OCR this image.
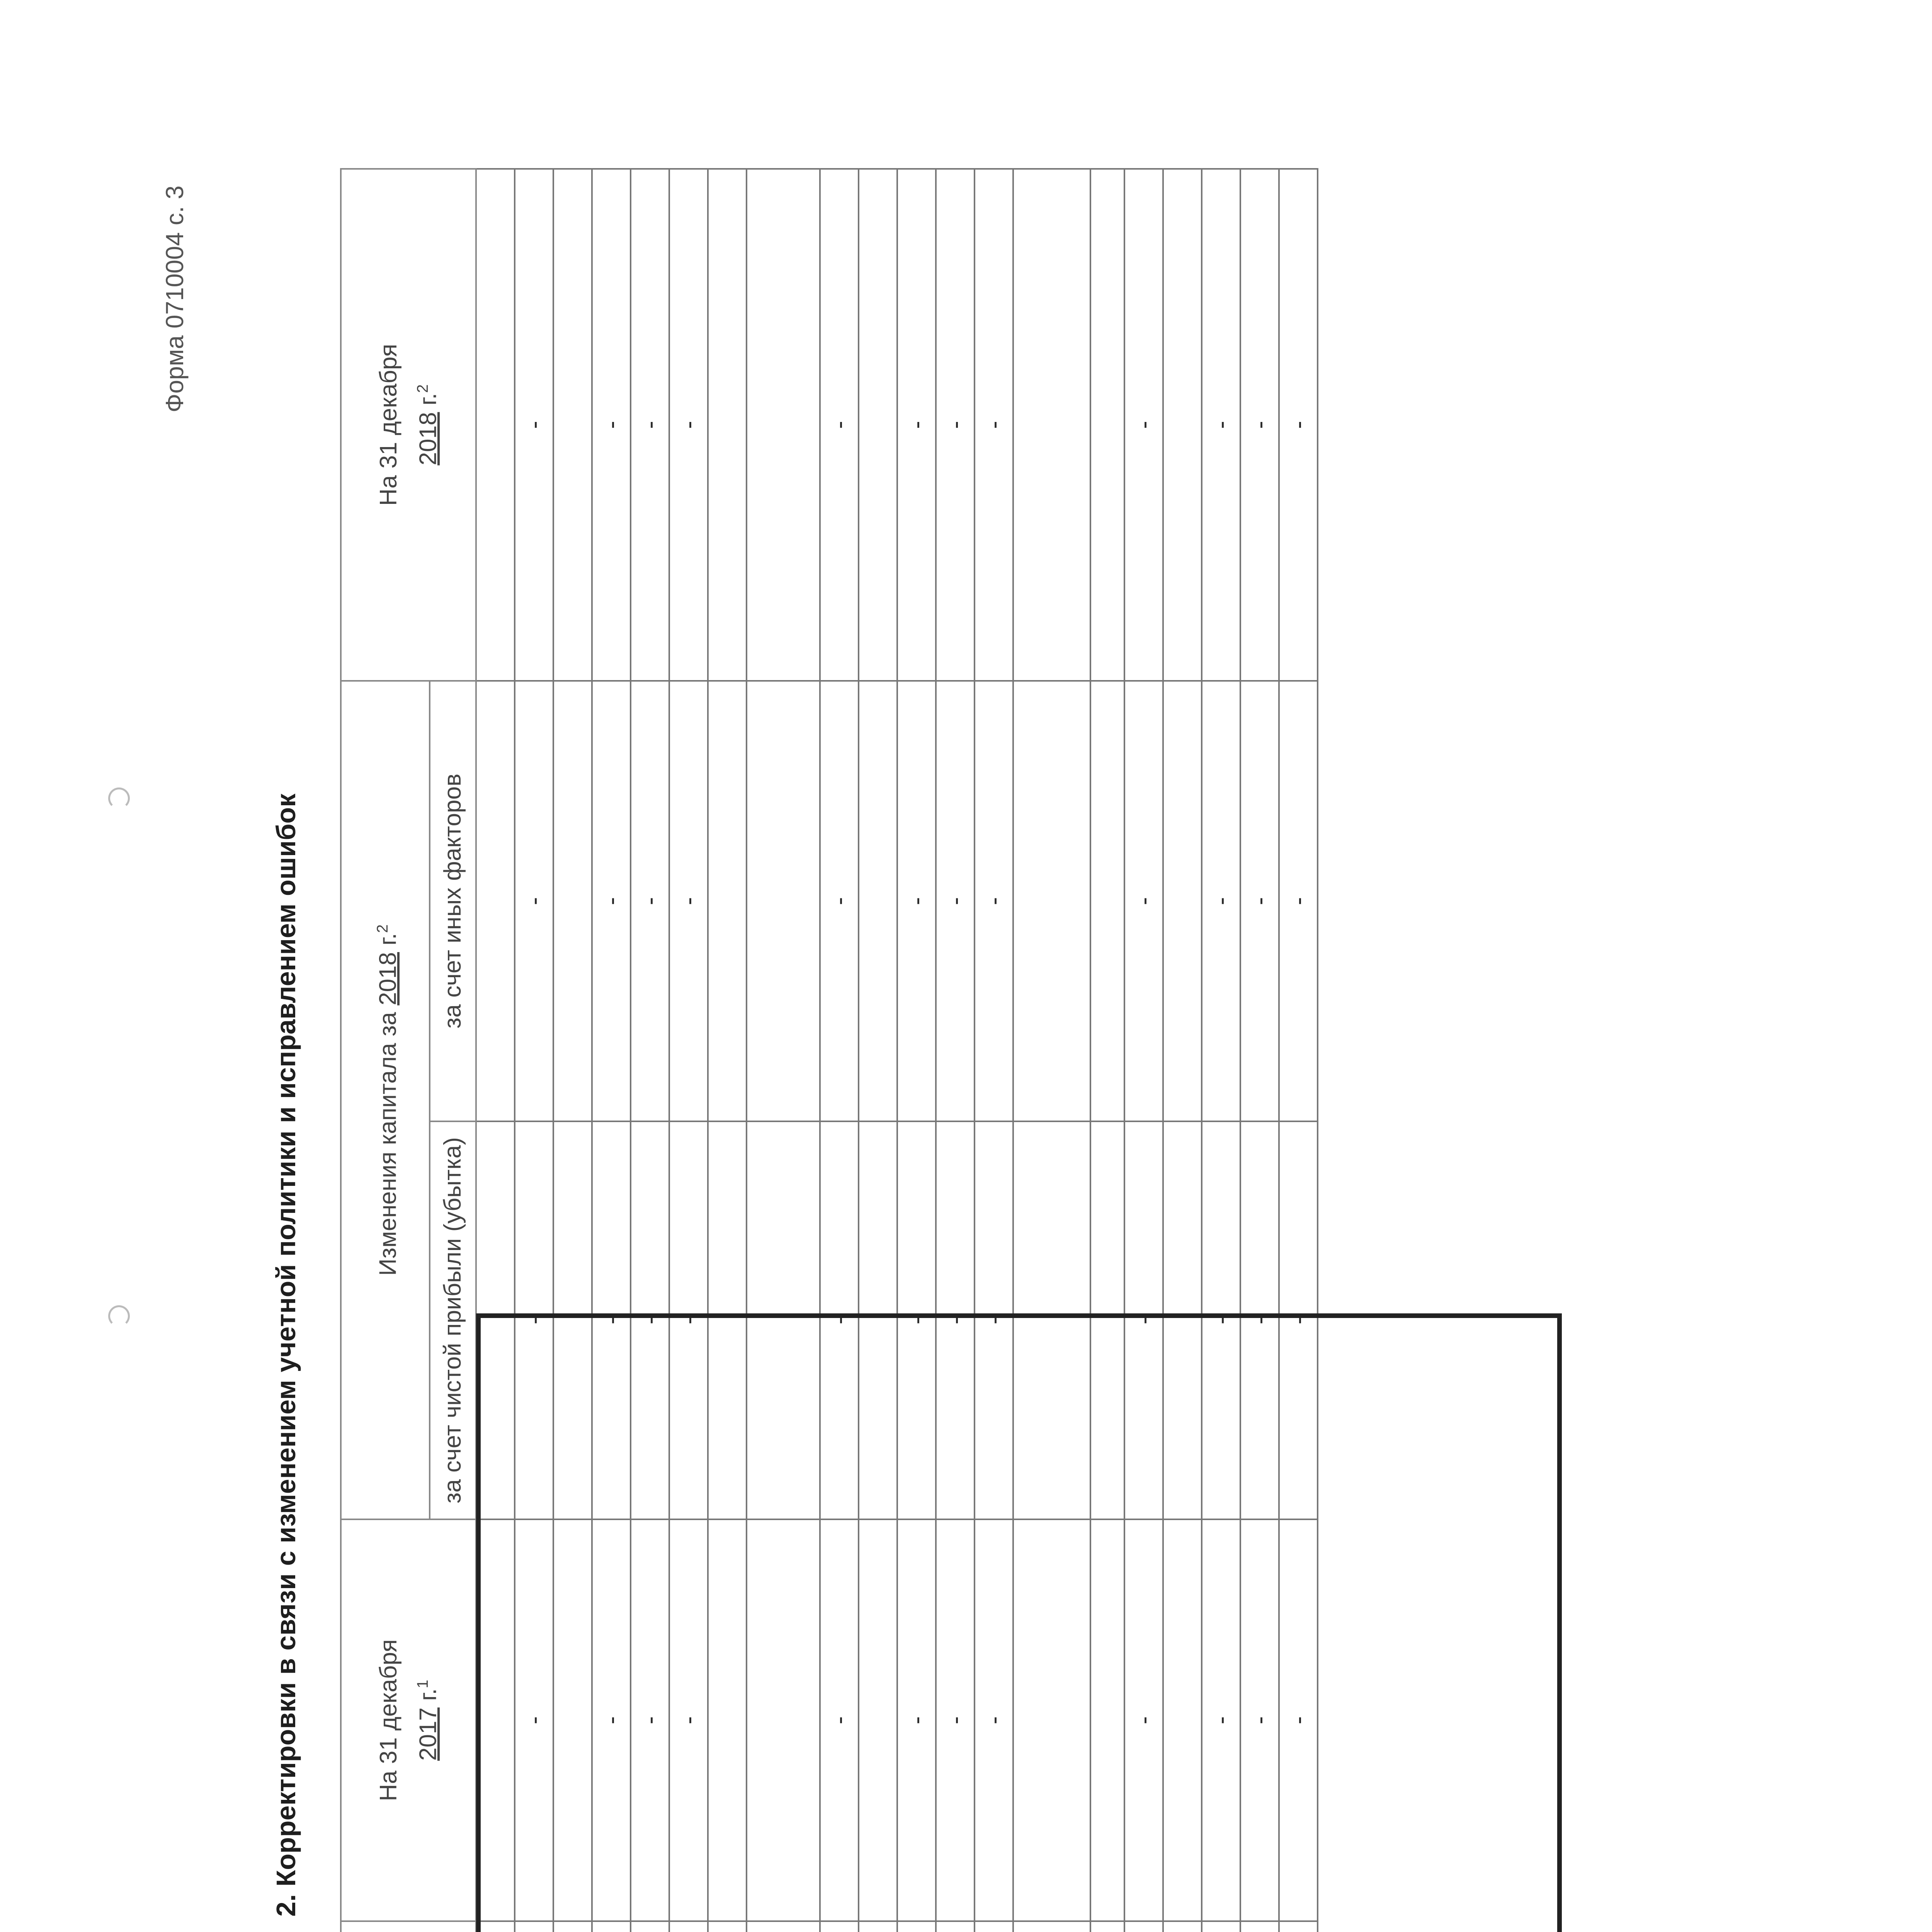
Форма 0710004 с. 3
2. Корректировки в связи с изменением учетной политики и исправлением ошибок
			На 31 декабря 2017 г.$^1$	Изменения капитала за 2018 г.$^2$		На 31 декабря 2018 г.$^2$
			за счет чистой прибыли (убытка)	за счет иных факторов	

		-	-	-	-

		-	-	-	-
		-	-	-	-
		-	-	-	-

		-	-	-	-

		-	-	-	-
		-	-	-	-
		-	-	-	-

		-	-	-	-

		-	-	-	-
		-	-	-	-
		-	-	-	-
